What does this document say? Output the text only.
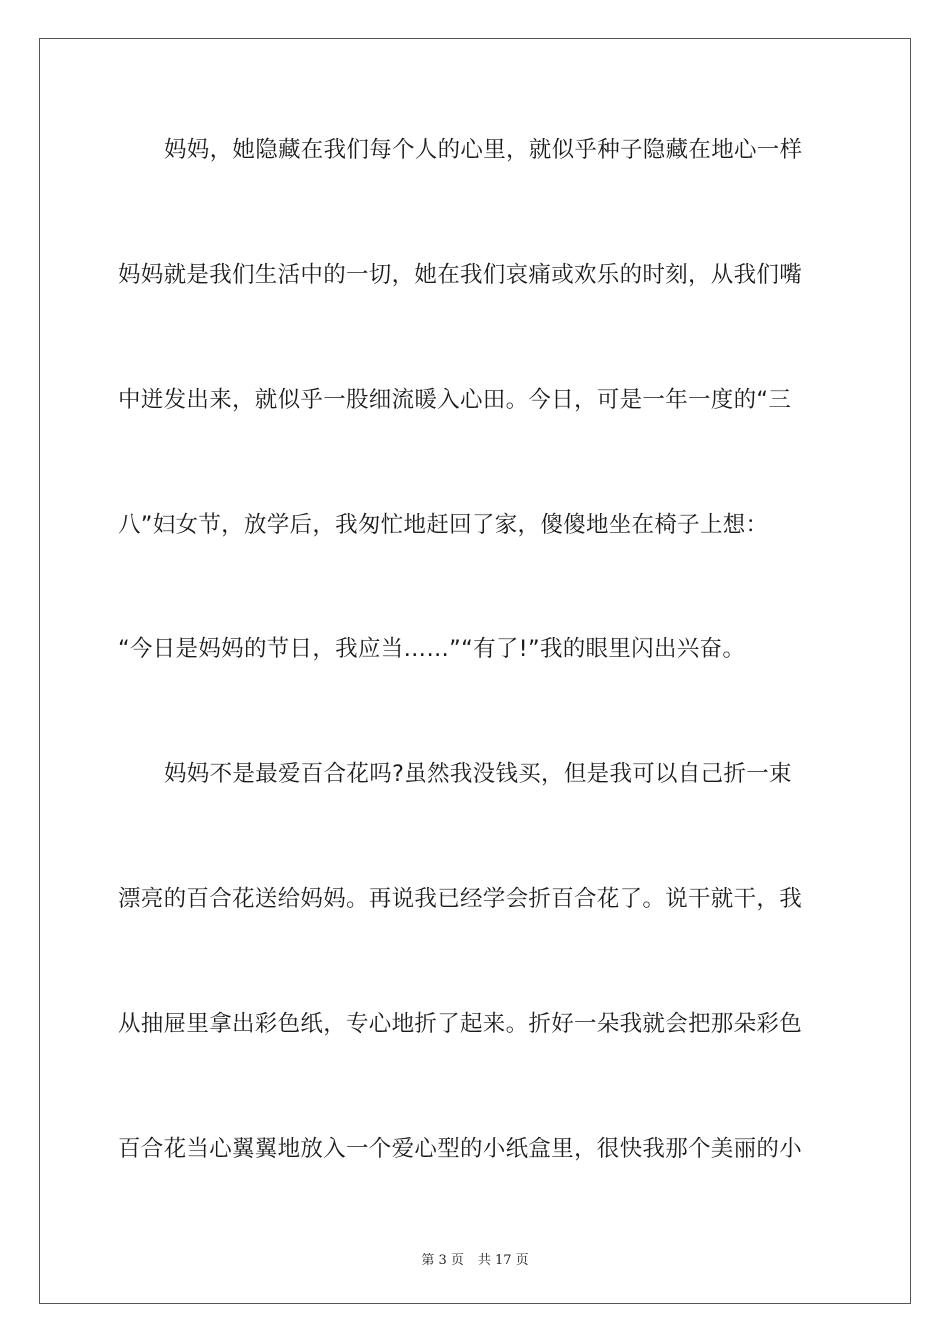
妈妈，她隐藏在我们每个人的心里，就似乎种子隐藏在地心一样
妈妈就是我们生活中的一切，她在我们哀痛或欢乐的时刻，从我们嘴
中迸发出来，就似乎一股细流暖入心田。今日，可是一年一度的“三
八”妇女节，放学后，我匆忙地赶回了家，傻傻地坐在椅子上想：
“今日是妈妈的节日，我应当……”“有了!”我的眼里闪出兴奋。
妈妈不是最爱百合花吗?虽然我没钱买，但是我可以自己折一束
漂亮的百合花送给妈妈。再说我已经学会折百合花了。说干就干，我
从抽屉里拿出彩色纸，专心地折了起来。折好一朵我就会把那朵彩色
百合花当心翼翼地放入一个爱心型的小纸盒里，很快我那个美丽的小
第 3 页 共 17 页
